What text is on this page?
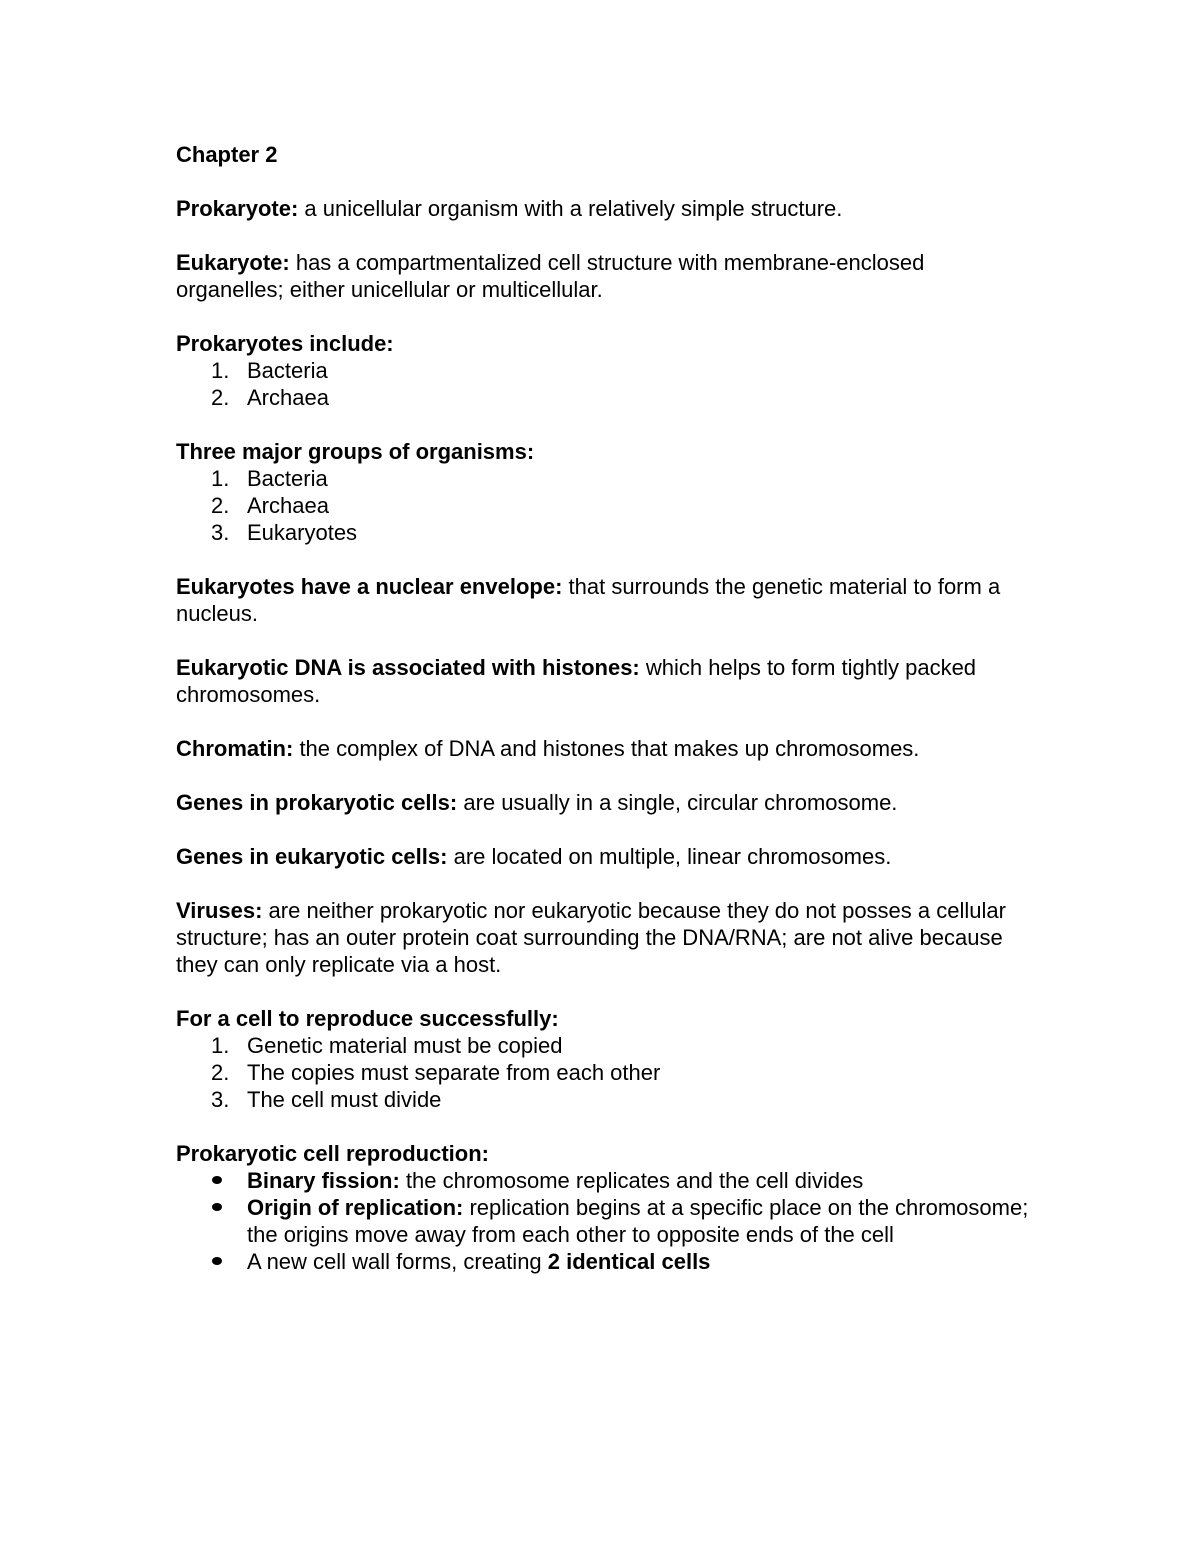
Chapter 2

Prokaryote: a unicellular organism with a relatively simple structure.

Eukaryote: has a compartmentalized cell structure with membrane-enclosed organelles; either unicellular or multicellular.

Prokaryotes include:

1. Bacteria
2. Archaea

Three major groups of organisms:

1. Bacteria
2. Archaea
3. Eukaryotes

Eukaryotes have a nuclear envelope: that surrounds the genetic material to form a nucleus.

Eukaryotic DNA is associated with histones: which helps to form tightly packed chromosomes.

Chromatin: the complex of DNA and histones that makes up chromosomes.

Genes in prokaryotic cells: are usually in a single, circular chromosome.

Genes in eukaryotic cells: are located on multiple, linear chromosomes.

Viruses: are neither prokaryotic nor eukaryotic because they do not posses a cellular structure; has an outer protein coat surrounding the DNA/RNA; are not alive because they can only replicate via a host.

For a cell to reproduce successfully:

1. Genetic material must be copied
2. The copies must separate from each other
3. The cell must divide

Prokaryotic cell reproduction:

Binary fission: the chromosome replicates and the cell divides
Origin of replication: replication begins at a specific place on the chromosome; the origins move away from each other to opposite ends of the cell
A new cell wall forms, creating 2 identical cells
